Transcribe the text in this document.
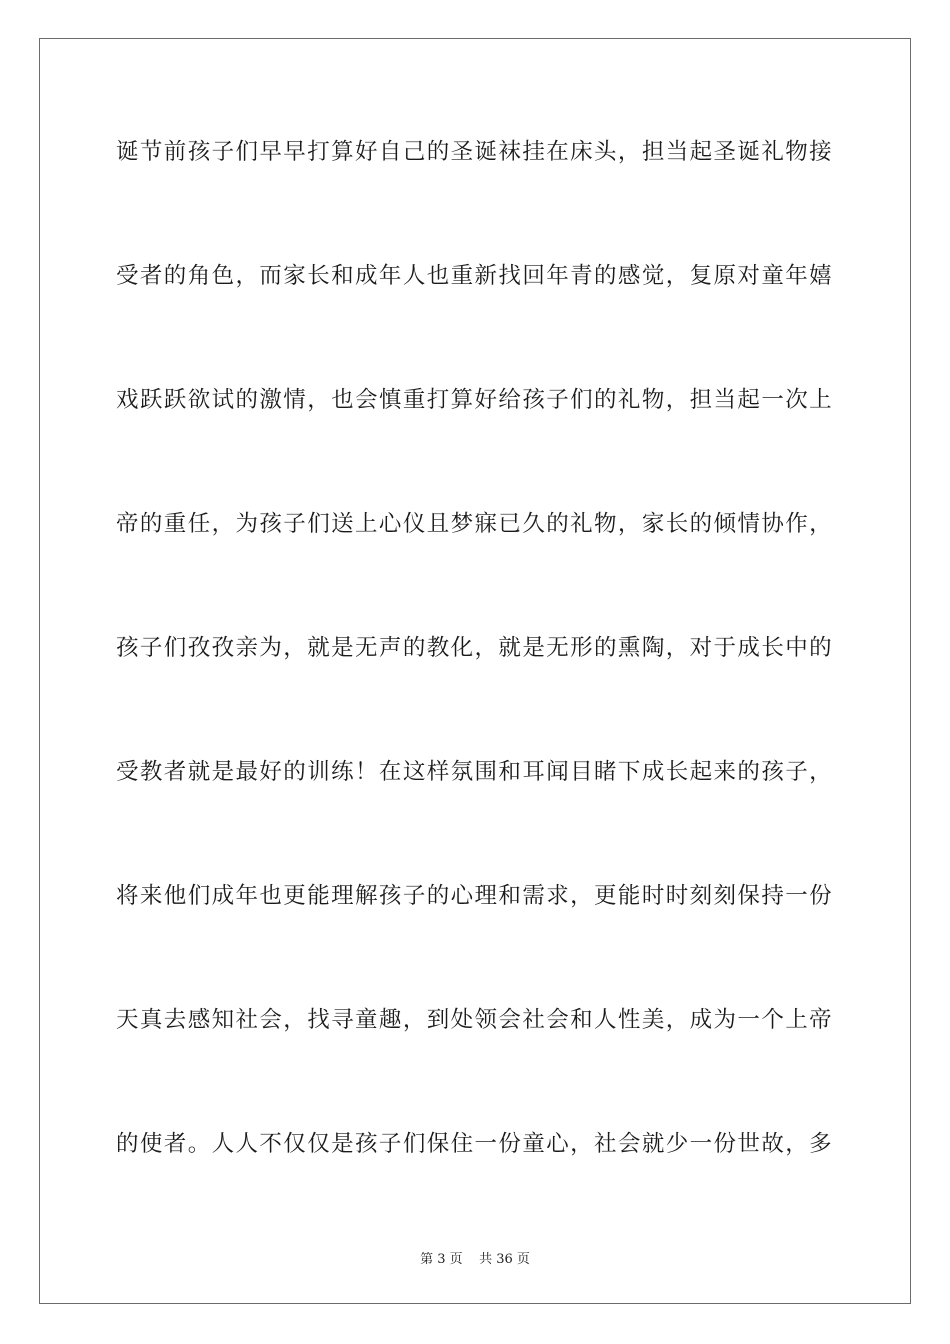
诞节前孩子们早早打算好自己的圣诞袜挂在床头，担当起圣诞礼物接
受者的角色，而家长和成年人也重新找回年青的感觉，复原对童年嬉
戏跃跃欲试的激情，也会慎重打算好给孩子们的礼物，担当起一次上
帝的重任，为孩子们送上心仪且梦寐已久的礼物，家长的倾情协作，
孩子们孜孜亲为，就是无声的教化，就是无形的熏陶，对于成长中的
受教者就是最好的训练！在这样氛围和耳闻目睹下成长起来的孩子，
将来他们成年也更能理解孩子的心理和需求，更能时时刻刻保持一份
天真去感知社会，找寻童趣，到处领会社会和人性美，成为一个上帝
的使者。人人不仅仅是孩子们保住一份童心，社会就少一份世故，多
第 3 页    共 36 页
